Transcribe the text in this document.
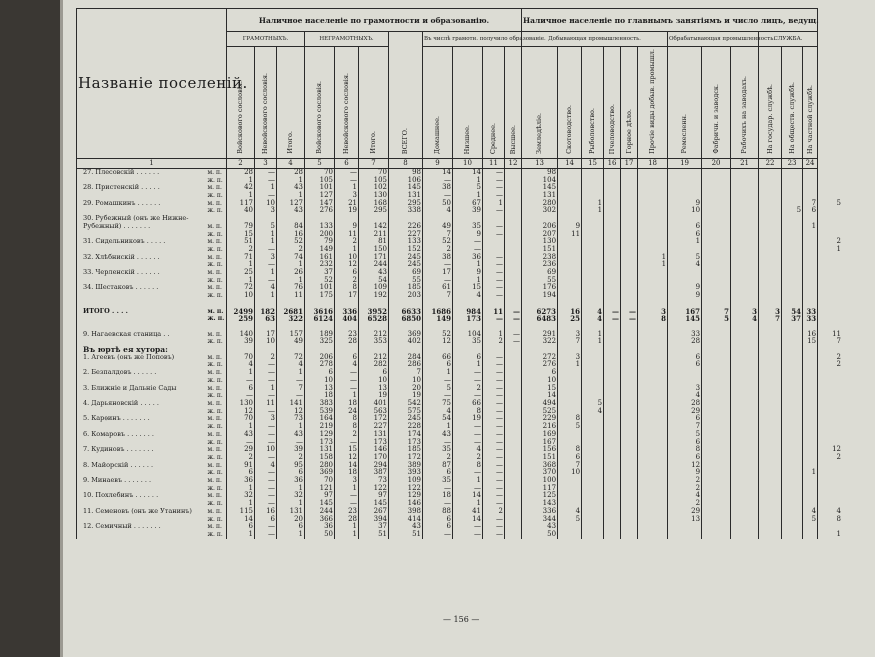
Названіе поселеній.		Наличное населеніе по грамотности и образованію.											Наличное населеніе по главнымъ занятіямъ и число лицъ, ведущ.												
		ГРАМОТНЫХЪ.			НЕГРАМОТНЫХЪ.			ВСЕГО.	Въ числѣ грамотн. получило образованіе.				Добывающая промышленность.						Обрабатывающая промышленность.			СЛУЖБА.			
		Войскового сословія.	Невойскового сословія.	Итого.	Войскового сословія.	Невойскового сословія.	Итого.		Домашнее.	Низшее.	Среднее.	Высшее.	Земледѣліе.	Скотоводство.	Рыболовство.	Пчеловодство.	Горное дѣло.	Прочіе виды добыв. промышл.	Ремесленн.	Фабричн. и заводск.	Рабочихъ на заводахъ.	На государ. службѣ.	На обществ. службѣ.	На частной службѣ.	
1		2	3	4	5	6	7	8	9	10	11	12	13	14	15	16	17	18	19	20	21	22	23	24	
27. Плесовскій . . . . . .	м. п.	28	—	28	70	—	70	98	14	14	—		98												
	ж. п.	1	—	1	105	—	105	106	—	1	—		104												
28. Пристенскій . . . . .	м. п.	42	1	43	101	1	102	145	38	5	—		145												
	ж. п.	1	—	1	127	3	130	131	—	1	—		131												
29. Ромашкинъ . . . . . .	м. п.	117	10	127	147	21	168	295	50	67	1		280		1				9					7	5
	ж. п.	40	3	43	276	19	295	338	4	39	—		302		1				10				5	6	
30. Рубежный (онъ же Нижне-																									
Рубежный) . . . . . . .	м. п.	79	5	84	133	9	142	226	49	35	—		206	9					6					1	
	ж. п.	15	1	16	200	11	211	227	7	9	—		207	11					6						
31. Сидельниковъ . . . . .	м. п.	51	1	52	79	2	81	133	52	—			130						1						2
	ж. п.	2	—	2	149	1	150	152	2	—			151												1
32. Хлѣбнискій . . . . . .	м. п.	71	3	74	161	10	171	245	38	36	—		238					1	5						
	ж. п.	1	—	1	232	12	244	245	—	1	—		236					1	4						
33. Черленскій . . . . . .	м. п.	25	1	26	37	6	43	69	17	9	—		69												
	ж. п.	1	—	1	52	2	54	55	—	1	—		55												
34. Шестаковъ . . . . . .	м. п.	72	4	76	101	8	109	185	61	15	—		176						9						
	ж. п.	10	1	11	175	17	192	203	7	4	—		194						9						

ИТОГО . . . .	м. п.	2499	182	2681	3616	336	3952	6633	1686	984	11	—	6273	16	4	—	—	3	167	7	3	3	54	33	
	ж. п.	259	63	322	6124	404	6528	6850	149	173	—	—	6483	25	4	—	—	8	145	5	4	7	37	33	

9. Нагаевская станица . .	м. п.	140	17	157	189	23	212	369	52	104	1	—	291	3	1				33					16	11
	ж. п.	39	10	49	325	28	353	402	12	35	2	—	322	7	1				28					15	7
Въ юртѣ ея хутора:																									
1. Агеевъ (онъ же Поповъ)	м. п.	70	2	72	206	6	212	284	66	6	—		272	3					6						2
	ж. п.	4	—	4	278	4	282	286	6	1	—		276	1					6						2
2. Безпалдовъ . . . . . .	м. п.	1	—	1	6	—	6	7	1	—	—		6												
	ж. п.	—	—	—	10	—	10	10	—	—	—		10												
3. Ближніе и Дальніе Сады	м. п.	6	1	7	13	—	13	20	5	2	—		15						3						
	ж. п.	—	—	—	18	1	19	19	—	—	—		14						4						
4. Дарьяновскій . . . . .	м. п.	130	11	141	383	18	401	542	75	66	—		494		5				28						
	ж. п.	12	—	12	539	24	563	575	4	8	—		525		4				29						
5. Карѳинъ . . . . . . .	м. п.	70	3	73	164	8	172	245	54	19	—		229	8					6						
	ж. п.	1	—	1	219	8	227	228	1	—	—		216	5					7						
6. Комаровъ . . . . . . .	м. п.	43	—	43	129	2	131	174	43	—	—		169						5						
	ж. п.	—	—	—	173	—	173	173	—	—	—		167						6						
7. Кудиновъ . . . . . . .	м. п.	29	10	39	131	15	146	185	35	4	—		156	8					8						12
	ж. п.	2	—	2	158	12	170	172	2	2	—		151	6					6						2
8. Майорскій . . . . . .	м. п.	91	4	95	280	14	294	389	87	8	—		368	7					12						
	ж. п.	6	—	6	369	18	387	393	6	—	—		370	10					9					1	
9. Минаевъ . . . . . . .	м. п.	36	—	36	70	3	73	109	35	1	—		100						2						
	ж. п.	1	—	1	121	1	122	122	—	—	—		117						2						
10. Похлебинъ . . . . . .	м. п.	32	—	32	97	—	97	129	18	14	—		125						4						
	ж. п.	1	—	1	145	—	145	146	—	1	—		143						2						
11. Семеновъ (онъ же Утанинъ)	м. п.	115	16	131	244	23	267	398	88	41	2		336	4					29					4	4
	ж. п.	14	6	20	366	28	394	414	6	14	—		344	5					13					5	8
12. Семичный . . . . . . .	м. п.	6	—	6	36	1	37	43	6	—	—		43												
	ж. п.	1	—	1	50	1	51	51	—	—	—		50												1
— 156 —
